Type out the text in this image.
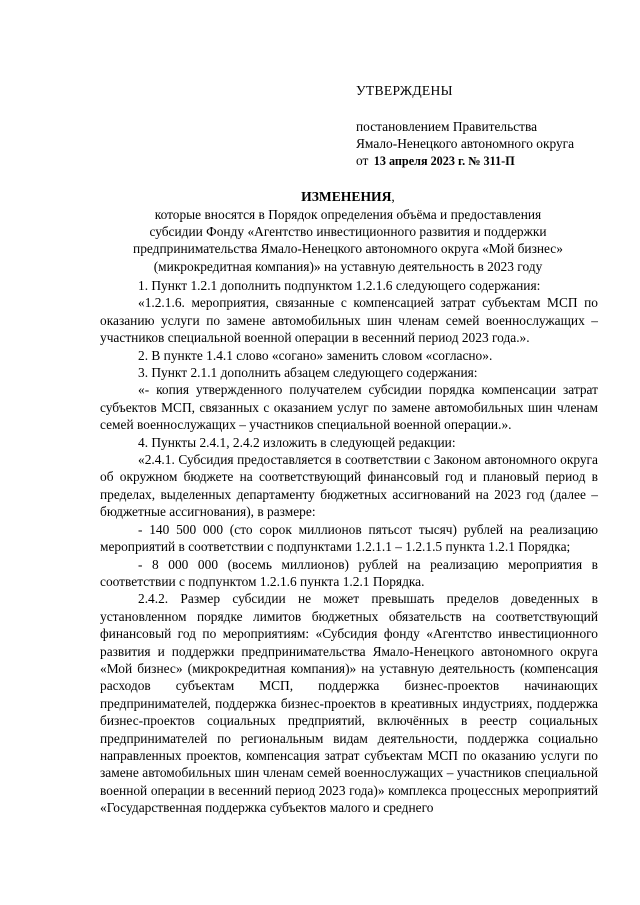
УТВЕРЖДЕНЫ
постановлением Правительства
Ямало-Ненецкого автономного округа
от 13 апреля 2023 г. № 311-П
ИЗМЕНЕНИЯ,
которые вносятся в Порядок определения объёма и предоставления
субсидии Фонду «Агентство инвестиционного развития и поддержки
предпринимательства Ямало-Ненецкого автономного округа «Мой бизнес»
(микрокредитная компания)» на уставную деятельность в 2023 году

1. Пункт 1.2.1 дополнить подпунктом 1.2.1.6 следующего содержания:

«1.2.1.6. мероприятия, связанные с компенсацией затрат субъектам МСП по оказанию услуги по замене автомобильных шин членам семей военнослужащих – участников специальной военной операции в весенний период 2023 года.».

2. В пункте 1.4.1 слово «согано» заменить словом «согласно».

3. Пункт 2.1.1 дополнить абзацем следующего содержания:

«- копия утвержденного получателем субсидии порядка компенсации затрат субъектов МСП, связанных с оказанием услуг по замене автомобильных шин членам семей военнослужащих – участников специальной военной операции.».

4. Пункты 2.4.1, 2.4.2 изложить в следующей редакции:

«2.4.1. Субсидия предоставляется в соответствии с Законом автономного округа об окружном бюджете на соответствующий финансовый год и плановый период в пределах, выделенных департаменту бюджетных ассигнований на 2023 год (далее – бюджетные ассигнования), в размере:

- 140 500 000 (сто сорок миллионов пятьсот тысяч) рублей на реализацию мероприятий в соответствии с подпунктами 1.2.1.1 – 1.2.1.5 пункта 1.2.1 Порядка;

- 8 000 000 (восемь миллионов) рублей на реализацию мероприятия в соответствии с подпунктом 1.2.1.6 пункта 1.2.1 Порядка.

2.4.2. Размер субсидии не может превышать пределов доведенных в установленном порядке лимитов бюджетных обязательств на соответствующий финансовый год по мероприятиям: «Субсидия фонду «Агентство инвестиционного развития и поддержки предпринимательства Ямало-Ненецкого автономного округа «Мой бизнес» (микрокредитная компания)» на уставную деятельность (компенсация расходов субъектам МСП, поддержка бизнес-проектов начинающих предпринимателей, поддержка бизнес-проектов в креативных индустриях, поддержка бизнес-проектов социальных предприятий, включённых в реестр социальных предпринимателей по региональным видам деятельности, поддержка социально направленных проектов, компенсация затрат субъектам МСП по оказанию услуги по замене автомобильных шин членам семей военнослужащих – участников специальной военной операции в весенний период 2023 года)» комплекса процессных мероприятий «Государственная поддержка субъектов малого и среднего
